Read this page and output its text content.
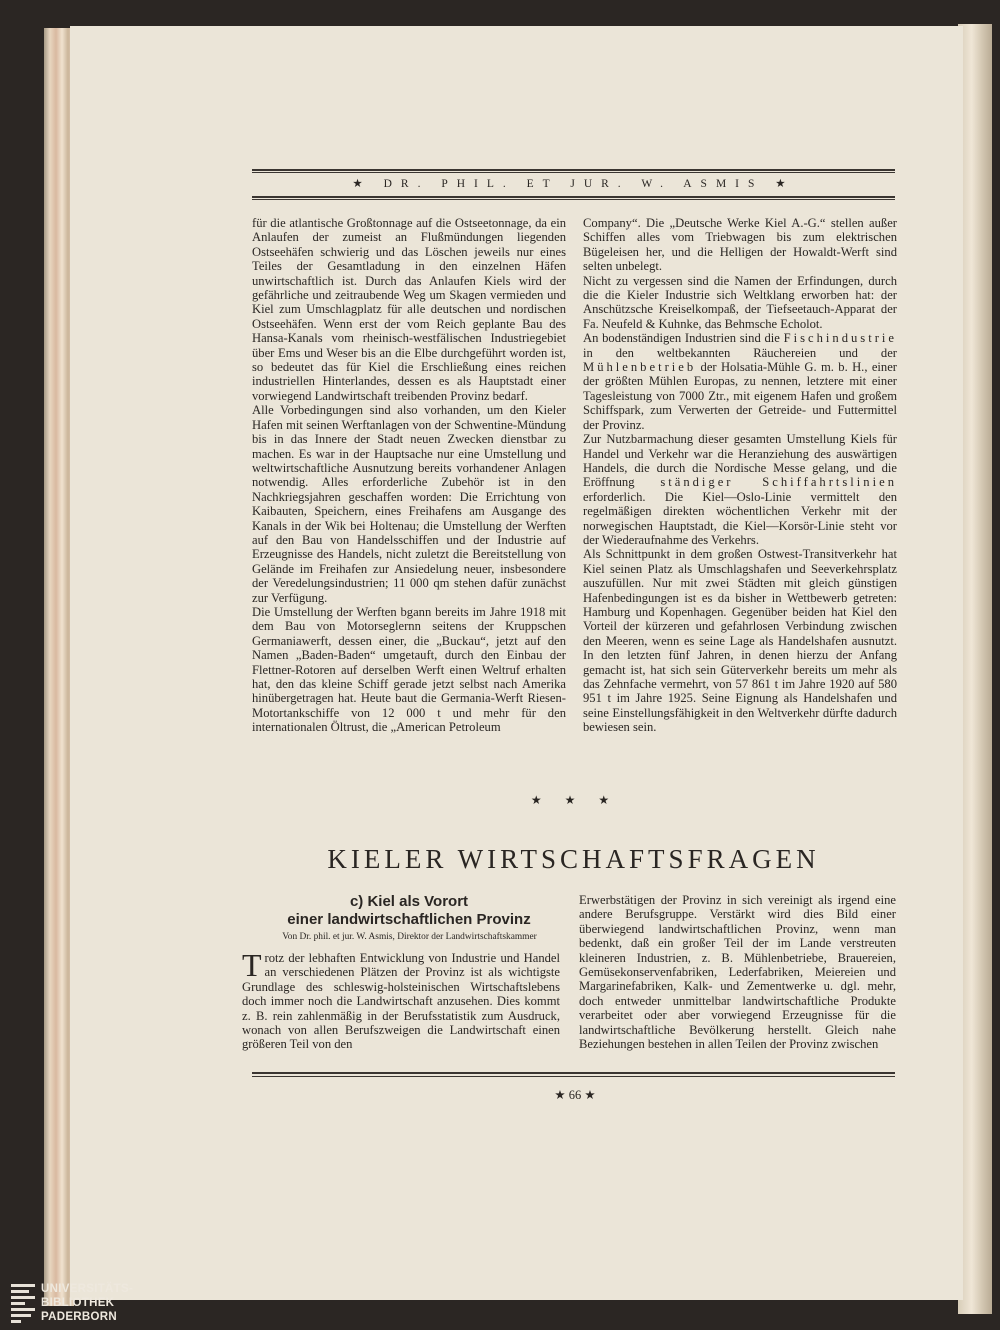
★ DR. PHIL. ET JUR. W. ASMIS ★

für die atlantische Großtonnage auf die Ostseetonnage, da ein Anlaufen der zumeist an Flußmündungen liegenden Ostseehäfen schwierig und das Löschen jeweils nur eines Teiles der Gesamtladung in den einzelnen Häfen unwirtschaftlich ist. Durch das Anlaufen Kiels wird der gefährliche und zeitraubende Weg um Skagen vermieden und Kiel zum Umschlagplatz für alle deutschen und nordischen Ostseehäfen. Wenn erst der vom Reich geplante Bau des Hansa-Kanals vom rheinisch-westfälischen Industriegebiet über Ems und Weser bis an die Elbe durchgeführt worden ist, so bedeutet das für Kiel die Erschließung eines reichen industriellen Hinterlandes, dessen es als Hauptstadt einer vorwiegend Landwirtschaft treibenden Provinz bedarf.

Alle Vorbedingungen sind also vorhanden, um den Kieler Hafen mit seinen Werftanlagen von der Schwentine-Mündung bis in das Innere der Stadt neuen Zwecken dienstbar zu machen. Es war in der Hauptsache nur eine Umstellung und weltwirtschaftliche Ausnutzung bereits vorhandener Anlagen notwendig. Alles erforderliche Zubehör ist in den Nachkriegsjahren geschaffen worden: Die Errichtung von Kaibauten, Speichern, eines Freihafens am Ausgange des Kanals in der Wik bei Holtenau; die Umstellung der Werften auf den Bau von Handelsschiffen und der Industrie auf Erzeugnisse des Handels, nicht zuletzt die Bereitstellung von Gelände im Freihafen zur Ansiedelung neuer, insbesondere der Veredelungsindustrien; 11 000 qm stehen dafür zunächst zur Verfügung.

Die Umstellung der Werften bgann bereits im Jahre 1918 mit dem Bau von Motorseglernn seitens der Kruppschen Germaniawerft, dessen einer, die „Buckau“, jetzt auf den Namen „Baden-Baden“ umgetauft, durch den Einbau der Flettner-Rotoren auf derselben Werft einen Weltruf erhalten hat, den das kleine Schiff gerade jetzt selbst nach Amerika hinübergetragen hat. Heute baut die Germania-Werft Riesen-Motortankschiffe von 12 000 t und mehr für den internationalen Öltrust, die „American Petroleum

Company“. Die „Deutsche Werke Kiel A.-G.“ stellen außer Schiffen alles vom Triebwagen bis zum elektrischen Bügeleisen her, und die Helligen der Howaldt-Werft sind selten unbelegt.

Nicht zu vergessen sind die Namen der Erfindungen, durch die die Kieler Industrie sich Weltklang erworben hat: der Anschützsche Kreiselkompaß, der Tiefseetauch-Apparat der Fa. Neufeld & Kuhnke, das Behmsche Echolot.

An bodenständigen Industrien sind die Fischindustrie in den weltbekannten Räuchereien und der Mühlenbetrieb der Holsatia-Mühle G. m. b. H., einer der größten Mühlen Europas, zu nennen, letztere mit einer Tagesleistung von 7000 Ztr., mit eigenem Hafen und großem Schiffspark, zum Verwerten der Getreide- und Futtermittel der Provinz.

Zur Nutzbarmachung dieser gesamten Umstellung Kiels für Handel und Verkehr war die Heranziehung des auswärtigen Handels, die durch die Nordische Messe gelang, und die Eröffnung ständiger Schiffahrtslinien erforderlich. Die Kiel—Oslo-Linie vermittelt den regelmäßigen direkten wöchentlichen Verkehr mit der norwegischen Hauptstadt, die Kiel—Korsör-Linie steht vor der Wiederaufnahme des Verkehrs.

Als Schnittpunkt in dem großen Ostwest-Transitverkehr hat Kiel seinen Platz als Umschlagshafen und Seeverkehrsplatz auszufüllen. Nur mit zwei Städten mit gleich günstigen Hafenbedingungen ist es da bisher in Wettbewerb getreten: Hamburg und Kopenhagen. Gegenüber beiden hat Kiel den Vorteil der kürzeren und gefahrlosen Verbindung zwischen den Meeren, wenn es seine Lage als Handelshafen ausnutzt. In den letzten fünf Jahren, in denen hierzu der Anfang gemacht ist, hat sich sein Güterverkehr bereits um mehr als das Zehnfache vermehrt, von 57 861 t im Jahre 1920 auf 580 951 t im Jahre 1925. Seine Eignung als Handelshafen und seine Einstellungsfähigkeit in den Weltverkehr dürfte dadurch bewiesen sein.

★ ★ ★
KIELER WIRTSCHAFTSFRAGEN
c) Kiel als Vorort
einer landwirtschaftlichen Provinz
Von Dr. phil. et jur. W. Asmis, Direktor der Landwirtschaftskammer

Trotz der lebhaften Entwicklung von Industrie und Handel an verschiedenen Plätzen der Provinz ist als wichtigste Grundlage des schleswig-holsteinischen Wirtschaftslebens doch immer noch die Landwirtschaft anzusehen. Dies kommt z. B. rein zahlenmäßig in der Berufsstatistik zum Ausdruck, wonach von allen Berufszweigen die Landwirtschaft einen größeren Teil von den

Erwerbstätigen der Provinz in sich vereinigt als irgend eine andere Berufsgruppe. Verstärkt wird dies Bild einer überwiegend landwirtschaftlichen Provinz, wenn man bedenkt, daß ein großer Teil der im Lande verstreuten kleineren Industrien, z. B. Mühlenbetriebe, Brauereien, Gemüsekonservenfabriken, Lederfabriken, Meiereien und Margarinefabriken, Kalk- und Zementwerke u. dgl. mehr, doch entweder unmittelbar landwirtschaftliche Produkte verarbeitet oder aber vorwiegend Erzeugnisse für die landwirtschaftliche Bevölkerung herstellt. Gleich nahe Beziehungen bestehen in allen Teilen der Provinz zwischen

★ 66 ★
UNIVERSITÄTS-
BIBLIOTHEK
PADERBORN
